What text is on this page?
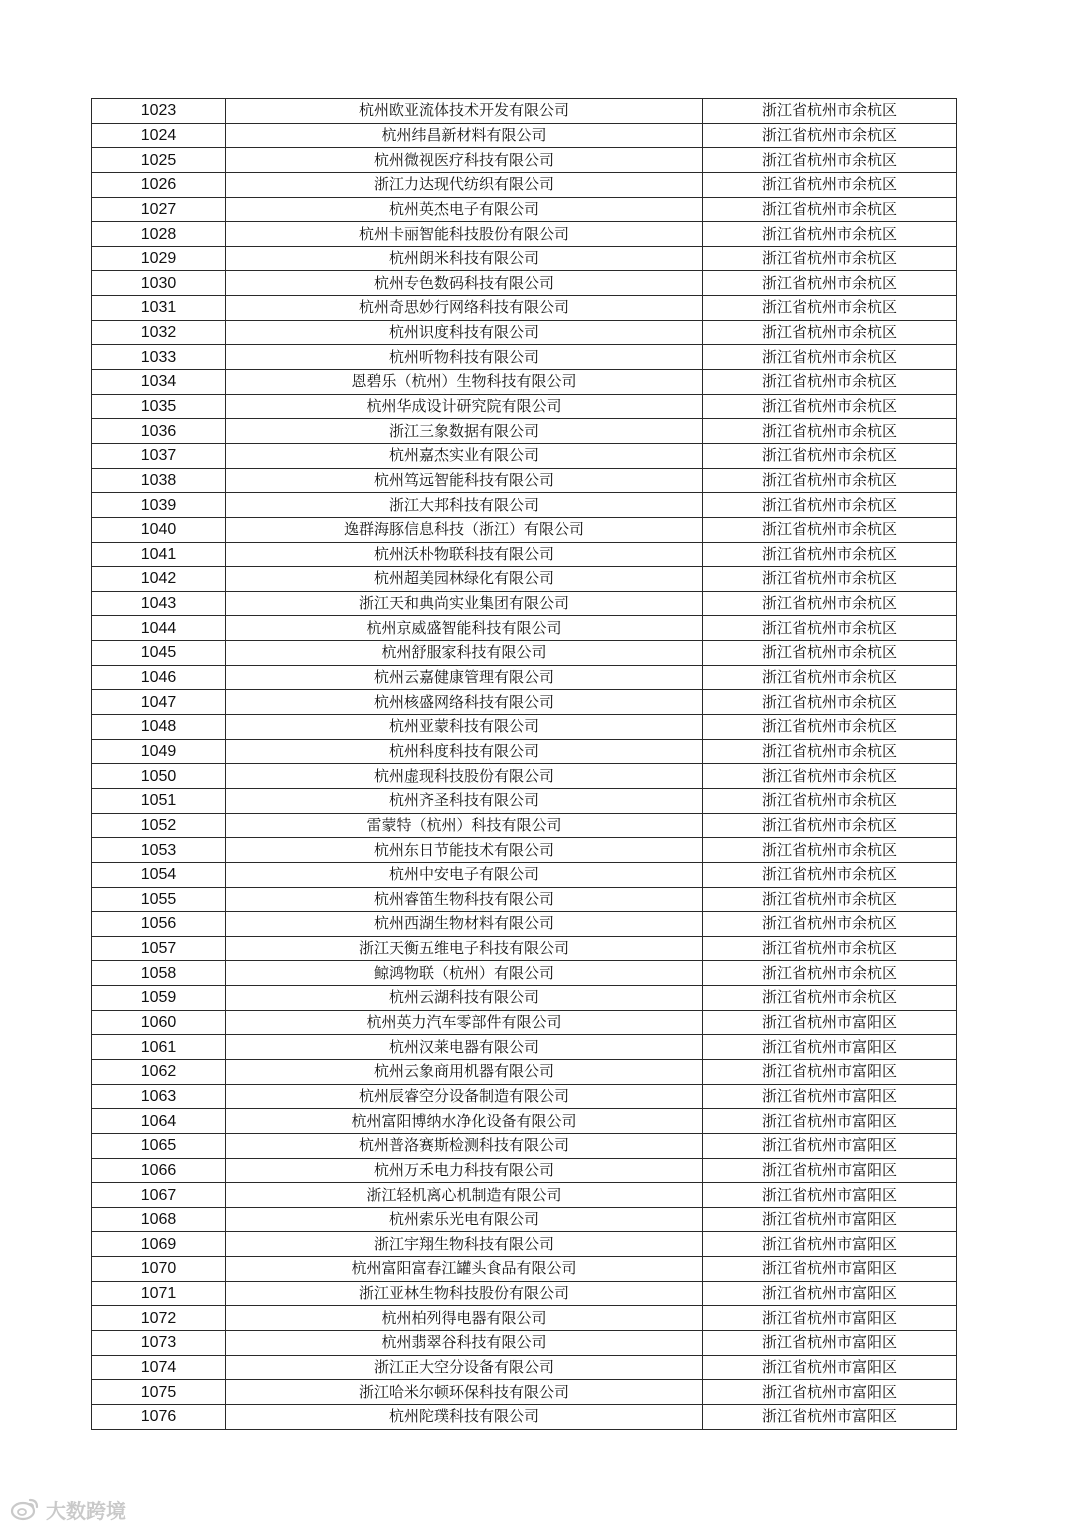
1023	杭州欧亚流体技术开发有限公司	浙江省杭州市余杭区
1024	杭州纬昌新材料有限公司	浙江省杭州市余杭区
1025	杭州微视医疗科技有限公司	浙江省杭州市余杭区
1026	浙江力达现代纺织有限公司	浙江省杭州市余杭区
1027	杭州英杰电子有限公司	浙江省杭州市余杭区
1028	杭州卡丽智能科技股份有限公司	浙江省杭州市余杭区
1029	杭州朗米科技有限公司	浙江省杭州市余杭区
1030	杭州专色数码科技有限公司	浙江省杭州市余杭区
1031	杭州奇思妙行网络科技有限公司	浙江省杭州市余杭区
1032	杭州识度科技有限公司	浙江省杭州市余杭区
1033	杭州听物科技有限公司	浙江省杭州市余杭区
1034	恩碧乐（杭州）生物科技有限公司	浙江省杭州市余杭区
1035	杭州华成设计研究院有限公司	浙江省杭州市余杭区
1036	浙江三象数据有限公司	浙江省杭州市余杭区
1037	杭州嘉杰实业有限公司	浙江省杭州市余杭区
1038	杭州笃远智能科技有限公司	浙江省杭州市余杭区
1039	浙江大邦科技有限公司	浙江省杭州市余杭区
1040	逸群海豚信息科技（浙江）有限公司	浙江省杭州市余杭区
1041	杭州沃朴物联科技有限公司	浙江省杭州市余杭区
1042	杭州超美园林绿化有限公司	浙江省杭州市余杭区
1043	浙江天和典尚实业集团有限公司	浙江省杭州市余杭区
1044	杭州京威盛智能科技有限公司	浙江省杭州市余杭区
1045	杭州舒服家科技有限公司	浙江省杭州市余杭区
1046	杭州云嘉健康管理有限公司	浙江省杭州市余杭区
1047	杭州核盛网络科技有限公司	浙江省杭州市余杭区
1048	杭州亚蒙科技有限公司	浙江省杭州市余杭区
1049	杭州科度科技有限公司	浙江省杭州市余杭区
1050	杭州虚现科技股份有限公司	浙江省杭州市余杭区
1051	杭州齐圣科技有限公司	浙江省杭州市余杭区
1052	雷蒙特（杭州）科技有限公司	浙江省杭州市余杭区
1053	杭州东日节能技术有限公司	浙江省杭州市余杭区
1054	杭州中安电子有限公司	浙江省杭州市余杭区
1055	杭州睿笛生物科技有限公司	浙江省杭州市余杭区
1056	杭州西湖生物材料有限公司	浙江省杭州市余杭区
1057	浙江天衡五维电子科技有限公司	浙江省杭州市余杭区
1058	鲸鸿物联（杭州）有限公司	浙江省杭州市余杭区
1059	杭州云湖科技有限公司	浙江省杭州市余杭区
1060	杭州英力汽车零部件有限公司	浙江省杭州市富阳区
1061	杭州汉莱电器有限公司	浙江省杭州市富阳区
1062	杭州云象商用机器有限公司	浙江省杭州市富阳区
1063	杭州辰睿空分设备制造有限公司	浙江省杭州市富阳区
1064	杭州富阳博纳水净化设备有限公司	浙江省杭州市富阳区
1065	杭州普洛赛斯检测科技有限公司	浙江省杭州市富阳区
1066	杭州万禾电力科技有限公司	浙江省杭州市富阳区
1067	浙江轻机离心机制造有限公司	浙江省杭州市富阳区
1068	杭州索乐光电有限公司	浙江省杭州市富阳区
1069	浙江宇翔生物科技有限公司	浙江省杭州市富阳区
1070	杭州富阳富春江罐头食品有限公司	浙江省杭州市富阳区
1071	浙江亚林生物科技股份有限公司	浙江省杭州市富阳区
1072	杭州柏列得电器有限公司	浙江省杭州市富阳区
1073	杭州翡翠谷科技有限公司	浙江省杭州市富阳区
1074	浙江正大空分设备有限公司	浙江省杭州市富阳区
1075	浙江哈米尔顿环保科技有限公司	浙江省杭州市富阳区
1076	杭州陀璞科技有限公司	浙江省杭州市富阳区
大数跨境
